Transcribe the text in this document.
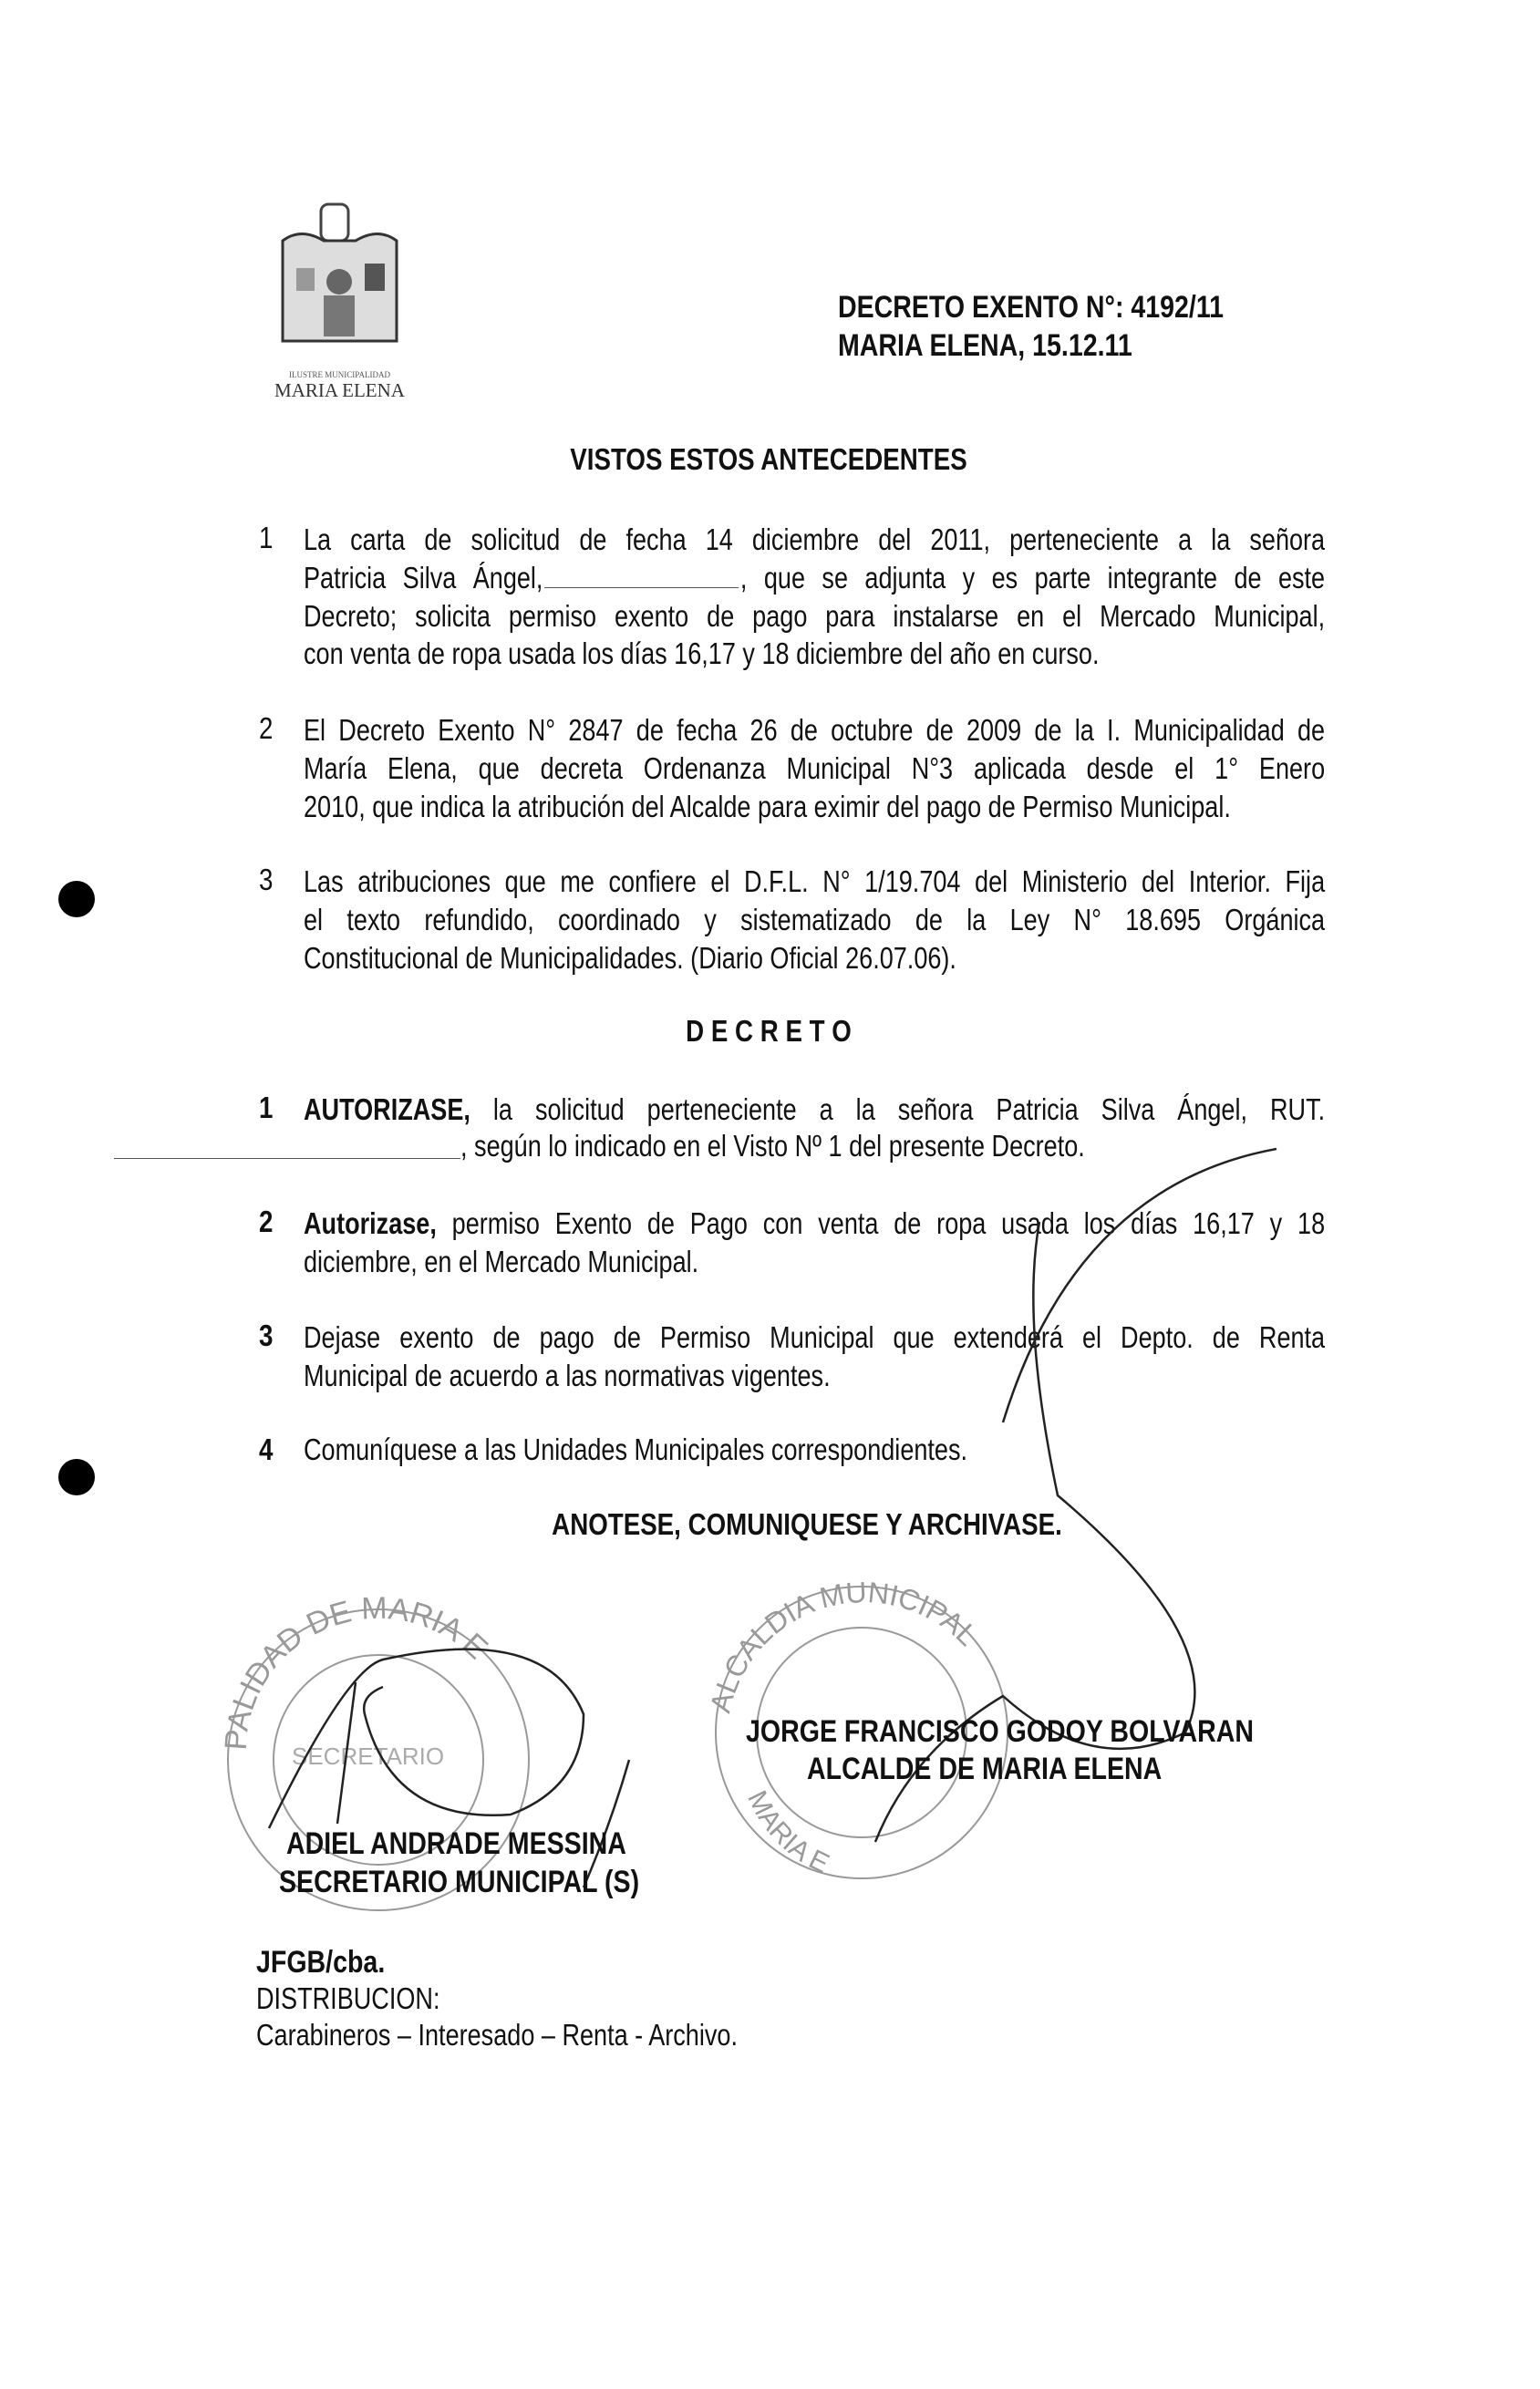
ILUSTRE MUNICIPALIDAD
MARIA ELENA
DECRETO EXENTO N°: 4192/11
MARIA ELENA, 15.12.11
VISTOS ESTOS ANTECEDENTES
1 La carta de solicitud de fecha 14 diciembre del 2011, perteneciente a la señora
Patricia Silva Ángel,	, que se adjunta y es parte integrante de este
Decreto; solicita permiso exento de pago para instalarse en el Mercado Municipal,
con venta de ropa usada los días 16,17 y 18 diciembre del año en curso.
2 El Decreto Exento N° 2847 de fecha 26 de octubre de 2009 de la I. Municipalidad de
María Elena, que decreta Ordenanza Municipal N°3 aplicada desde el 1° Enero
2010, que indica la atribución del Alcalde para eximir del pago de Permiso Municipal.
3 Las atribuciones que me confiere el D.F.L. N° 1/19.704 del Ministerio del Interior. Fija
el texto refundido, coordinado y sistematizado de la Ley N° 18.695 Orgánica
Constitucional de Municipalidades. (Diario Oficial 26.07.06).
D E C R E T O
1 AUTORIZASE, la solicitud perteneciente a la señora Patricia Silva Ángel, RUT.
, según lo indicado en el Visto Nº 1 del presente Decreto.
2 Autorizase, permiso Exento de Pago con venta de ropa usada los días 16,17 y 18
diciembre, en el Mercado Municipal.
3 Dejase exento de pago de Permiso Municipal que extenderá el Depto. de Renta
Municipal de acuerdo a las normativas vigentes.
4 Comuníquese a las Unidades Municipales correspondientes.
ANOTESE, COMUNIQUESE Y ARCHIVASE.
PALIDAD DE MARIA E
SECRETARIO
ALCALDIA MUNICIPAL
MARIA E
JORGE FRANCISCO GODOY BOLVARAN
ALCALDE DE MARIA ELENA
ADIEL ANDRADE MESSINA
SECRETARIO MUNICIPAL (S)
JFGB/cba.
DISTRIBUCION:
Carabineros – Interesado – Renta - Archivo.
